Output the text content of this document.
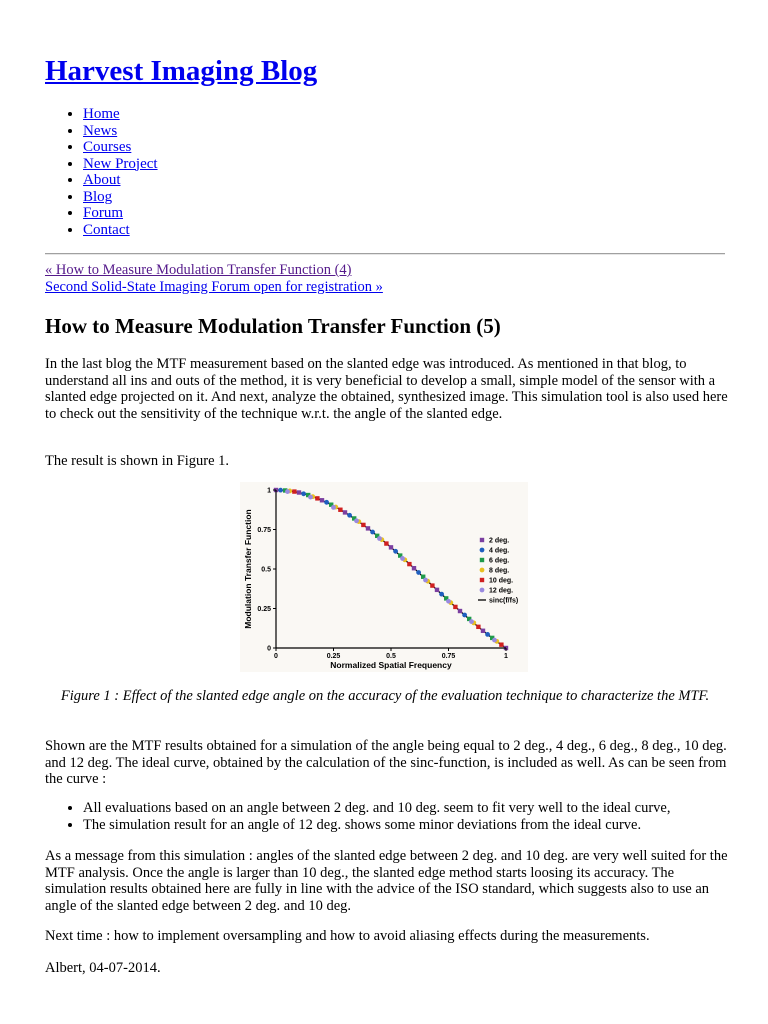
Harvest Imaging Blog
• Home
• News
• Courses
• New Project
• About
• Blog
• Forum
• Contact
« How to Measure Modulation Transfer Function (4)
Second Solid-State Imaging Forum open for registration »
How to Measure Modulation Transfer Function (5)

In the last blog the MTF measurement based on the slanted edge was introduced. As mentioned in that blog, to understand all ins and outs of the method, it is very beneficial to develop a small, simple model of the sensor with a slanted edge projected on it. And next, analyze the obtained, synthesized image. This simulation tool is also used here to check out the sensitivity of the technique w.r.t. the angle of the slanted edge.

The result is shown in Figure 1.

0	0.25	0.5	0.75	1
0
0.25
0.5
0.75
1
Normalized Spatial Frequency
Modulation Transfer Function	2 deg.
4 deg.
6 deg.
8 deg.
10 deg.
12 deg.
sinc(f/fs)

Figure 1 : Effect of the slanted edge angle on the accuracy of the evaluation technique to characterize the MTF.

Shown are the MTF results obtained for a simulation of the angle being equal to 2 deg., 4 deg., 6 deg., 8 deg., 10 deg. and 12 deg. The ideal curve, obtained by the calculation of the sinc-function, is included as well. As can be seen from the curve :

• All evaluations based on an angle between 2 deg. and 10 deg. seem to fit very well to the ideal curve,
• The simulation result for an angle of 12 deg. shows some minor deviations from the ideal curve.

As a message from this simulation : angles of the slanted edge between 2 deg. and 10 deg. are very well suited for the MTF analysis. Once the angle is larger than 10 deg., the slanted edge method starts loosing its accuracy. The simulation results obtained here are fully in line with the advice of the ISO standard, which suggests also to use an angle of the slanted edge between 2 deg. and 10 deg.

Next time : how to implement oversampling and how to avoid aliasing effects during the measurements.

Albert, 04-07-2014.
